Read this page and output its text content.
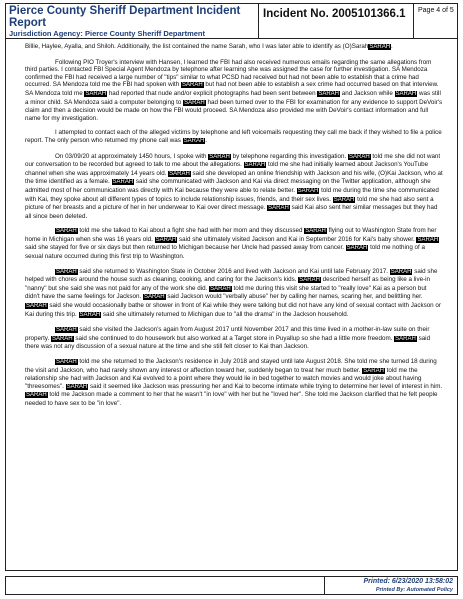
Pierce County Sheriff Department Incident Report
Jurisdiction Agency: Pierce County Sheriff Department
Incident No. 2005101366.1 Page 4 of 5

Billie, Haylee, Ayalla, and Shiloh. Additionally, the list contained the name Sarah, who I was later able to identify as (O)SarahSARAH.

Following PIO Troyer's interview with Hansen, I learned the FBI had also received numerous emails regarding the same allegations from third parties. I contacted FBI Special Agent Mendoza by telephone after learning she was assigned the case for further investigation. SA Mendoza confirmed the FBI had received a large number of "tips" similar to what PCSD had received but had not been able to establish that a crime had occurred. SA Mendoza told me the FBI had spoken with SARAH but had not been able to establish a sex crime had occurred based on that interview. SA Mendoza told me SARAH had reported that nude and/or explicit photographs had been sent between SARAH and Jackson while SARAH was still a minor child. SA Mendoza said a computer belonging to SARAH had been turned over to the FBI for examination for any evidence to support DeVoir's claim and then a decision would be made on how the FBI would proceed. SA Mendoza also provided me with DeVoir's contact information and full name for my investigation.

I attempted to contact each of the alleged victims by telephone and left voicemails requesting they call me back if they wished to file a police report. The only person who returned my phone call was SARAH.

On 03/09/20 at approximately 1450 hours, I spoke with SARAH by telephone regarding this investigation. SARAH told me she did not want our conversation to be recorded but agreed to talk to me about the allegations. SARAH told me she had initially learned about Jackson's YouTube channel when she was approximately 14 years old. SARAH said she developed an online friendship with Jackson and his wife, (O)Kai Jackson, who at the time identified as a female. SARAH said she communicated with Jackson and Kai via direct messaging on the Twitter application, although she admitted most of her communication was directly with Kai because they were able to relate better. SARAH told me during the time she communicated with Kai, they spoke about all different types of topics to include relationship issues, friends, and their sex lives. SARAH told me she had also sent a picture of her breasts and a picture of her in her underwear to Kai over direct message. SARAH said Kai also sent her similar messages but they had all since been deleted.

SARAH told me she talked to Kai about a fight she had with her mom and they discussed SARAH flying out to Washington State from her home in Michigan when she was 16 years old. SARAH said she ultimately visited Jackson and Kai in September 2016 for Kai's baby shower. SARAH said she stayed for five or six days but then returned to Michigan because her Uncle had passed away from cancer. SARAH told me nothing of a sexual nature occurred during this first trip to Washington.

SARAH said she returned to Washington State in October 2016 and lived with Jackson and Kai until late February 2017. SARAH said she helped with chores around the house such as cleaning, cooking, and caring for the Jackson's kids. SARAH described herself as being like a live-in "nanny" but she said she was not paid for any of the work she did. SARAH told me during this visit she started to "really love" Kai as a person but didn't have the same feelings for Jackson. SARAH said Jackson would "verbally abuse" her by calling her names, scaring her, and belittling her. SARAH said she would occasionally bathe or shower in front of Kai while they were talking but did not have any kind of sexual contact with Jackson or Kai during this trip. SARAH said she ultimately returned to Michigan due to "all the drama" in the Jackson household.

SARAH said she visited the Jackson's again from August 2017 until November 2017 and this time lived in a mother-in-law suite on their property. SARAH said she continued to do housework but also worked at a Target store in Puyallup so she had a little more freedom. SARAH said there was not any discussion of a sexual nature at the time and she still felt closer to Kai than Jackson.

SARAH told me she returned to the Jackson's residence in July 2018 and stayed until late August 2018. She told me she turned 18 during the visit and Jackson, who had rarely shown any interest or affection toward her, suddenly began to treat her much better. SARAH told me the relationship she had with Jackson and Kai evolved to a point where they would lie in bed together to watch movies and would joke about having "threesomes". SARAH said it seemed like Jackson was pressuring her and Kai to become intimate while trying to determine her level of interest in him. SARAH told me Jackson made a comment to her that he wasn't "in love" with her but he "loved her". She told me Jackson clarified that he felt people needed to have sex to be "in love".

Printed: 6/23/2020 13:58:02
Printed By: Automated Policy
